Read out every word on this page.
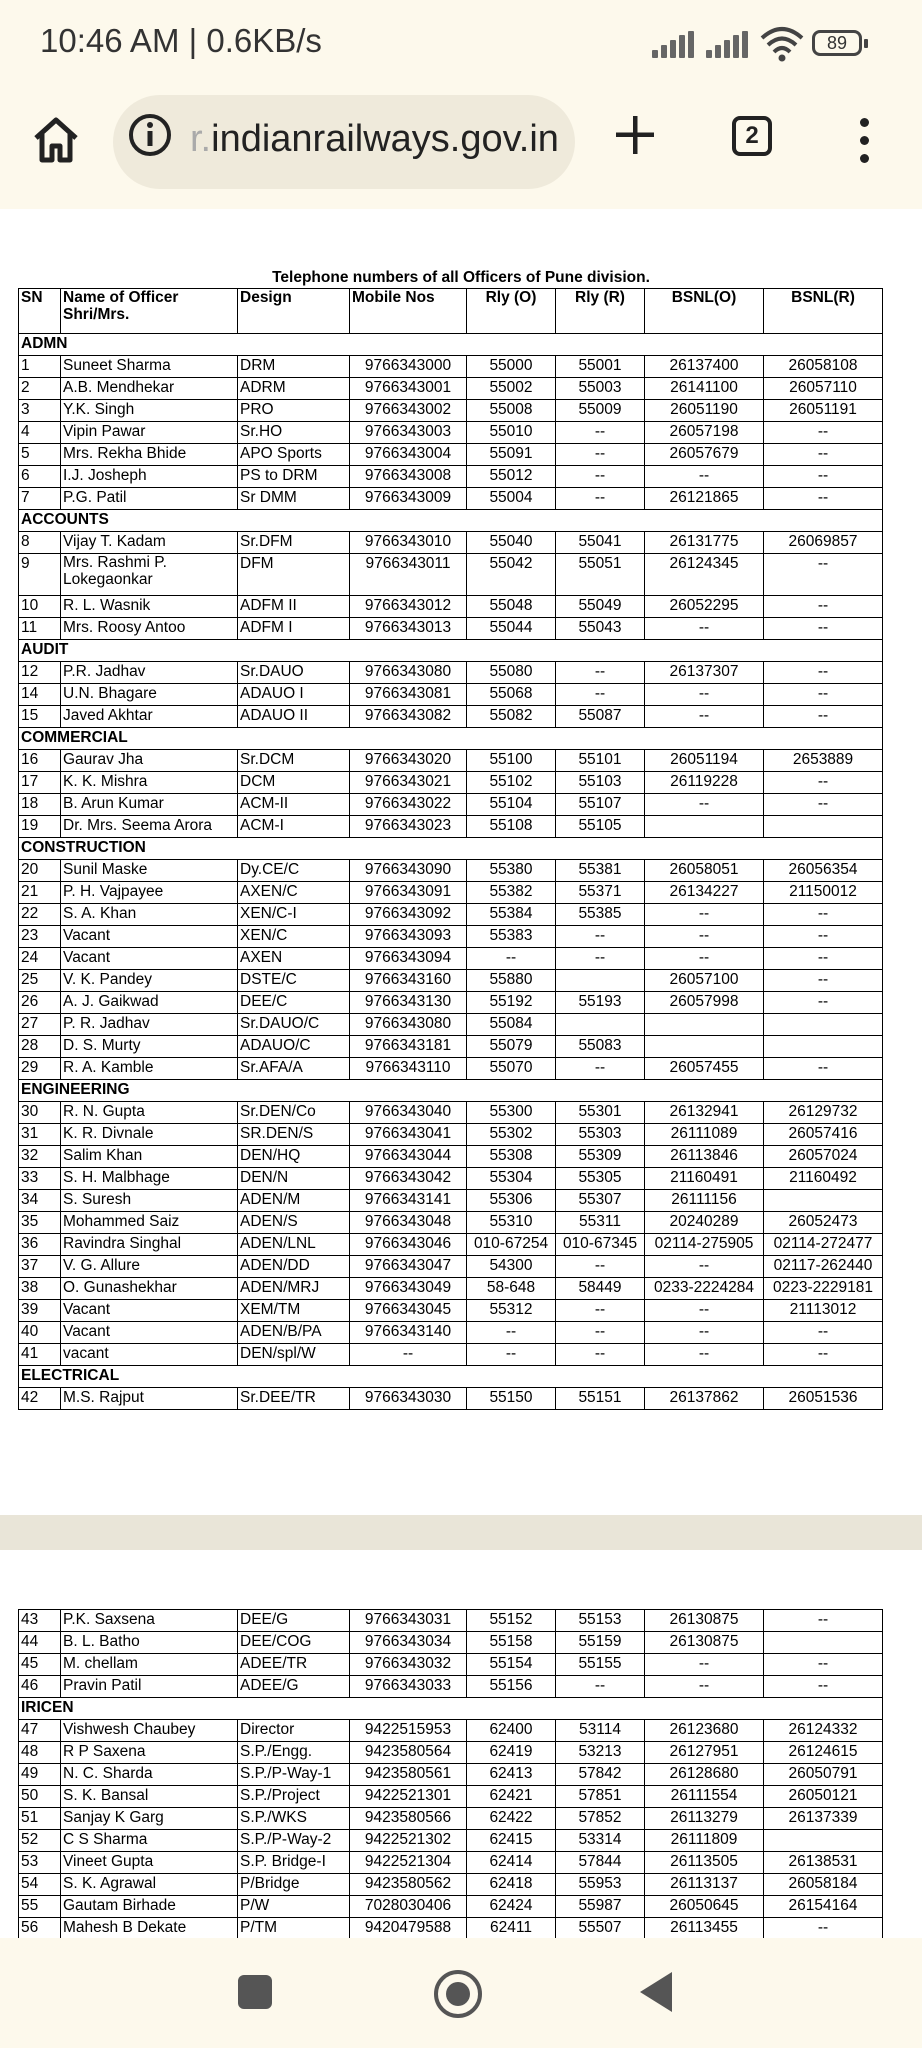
10:46 AM | 0.6KB/s	89
r.indianrailways.gov.in	2
Telephone numbers of all Officers of Pune division.
SN	Name of Officer Shri/Mrs.	Design	Mobile Nos	Rly (O)	Rly (R)	BSNL(O)	BSNL(R)
ADMN							
1	Suneet Sharma	DRM	9766343000	55000	55001	26137400	26058108
2	A.B. Mendhekar	ADRM	9766343001	55002	55003	26141100	26057110
3	Y.K. Singh	PRO	9766343002	55008	55009	26051190	26051191
4	Vipin Pawar	Sr.HO	9766343003	55010	--	26057198	--
5	Mrs. Rekha Bhide	APO Sports	9766343004	55091	--	26057679	--
6	I.J. Josheph	PS to DRM	9766343008	55012	--	--	--
7	P.G. Patil	Sr DMM	9766343009	55004	--	26121865	--
ACCOUNTS							
8	Vijay T. Kadam	Sr.DFM	9766343010	55040	55041	26131775	26069857
9	Mrs. Rashmi P. Lokegaonkar	DFM	9766343011	55042	55051	26124345	--
10	R. L. Wasnik	ADFM II	9766343012	55048	55049	26052295	--
11	Mrs. Roosy Antoo	ADFM I	9766343013	55044	55043	--	--
AUDIT							
12	P.R. Jadhav	Sr.DAUO	9766343080	55080	--	26137307	--
14	U.N. Bhagare	ADAUO I	9766343081	55068	--	--	--
15	Javed Akhtar	ADAUO II	9766343082	55082	55087	--	--
COMMERCIAL							
16	Gaurav Jha	Sr.DCM	9766343020	55100	55101	26051194	2653889
17	K. K. Mishra	DCM	9766343021	55102	55103	26119228	--
18	B. Arun Kumar	ACM-II	9766343022	55104	55107	--	--
19	Dr. Mrs. Seema Arora	ACM-I	9766343023	55108	55105		
CONSTRUCTION							
20	Sunil Maske	Dy.CE/C	9766343090	55380	55381	26058051	26056354
21	P. H. Vajpayee	AXEN/C	9766343091	55382	55371	26134227	21150012
22	S. A. Khan	XEN/C-I	9766343092	55384	55385	--	--
23	Vacant	XEN/C	9766343093	55383	--	--	--
24	Vacant	AXEN	9766343094	--	--	--	--
25	V. K. Pandey	DSTE/C	9766343160	55880		26057100	--
26	A. J. Gaikwad	DEE/C	9766343130	55192	55193	26057998	--
27	P. R. Jadhav	Sr.DAUO/C	9766343080	55084			
28	D. S. Murty	ADAUO/C	9766343181	55079	55083		
29	R. A. Kamble	Sr.AFA/A	9766343110	55070	--	26057455	--
ENGINEERING							
30	R. N. Gupta	Sr.DEN/Co	9766343040	55300	55301	26132941	26129732
31	K. R. Divnale	SR.DEN/S	9766343041	55302	55303	26111089	26057416
32	Salim Khan	DEN/HQ	9766343044	55308	55309	26113846	26057024
33	S. H. Malbhage	DEN/N	9766343042	55304	55305	21160491	21160492
34	S. Suresh	ADEN/M	9766343141	55306	55307	26111156	
35	Mohammed Saiz	ADEN/S	9766343048	55310	55311	20240289	26052473
36	Ravindra Singhal	ADEN/LNL	9766343046	010-67254	010-67345	02114-275905	02114-272477
37	V. G. Allure	ADEN/DD	9766343047	54300	--	--	02117-262440
38	O. Gunashekhar	ADEN/MRJ	9766343049	58-648	58449	0233-2224284	0223-2229181
39	Vacant	XEM/TM	9766343045	55312	--	--	21113012
40	Vacant	ADEN/B/PA	9766343140	--	--	--	--
41	vacant	DEN/spl/W	--	--	--	--	--
ELECTRICAL							
42	M.S. Rajput	Sr.DEE/TR	9766343030	55150	55151	26137862	26051536
43	P.K. Saxsena	DEE/G	9766343031	55152	55153	26130875	--
44	B. L. Batho	DEE/COG	9766343034	55158	55159	26130875	
45	M. chellam	ADEE/TR	9766343032	55154	55155	--	--
46	Pravin Patil	ADEE/G	9766343033	55156	--	--	--
IRICEN							
47	Vishwesh Chaubey	Director	9422515953	62400	53114	26123680	26124332
48	R P Saxena	S.P./Engg.	9423580564	62419	53213	26127951	26124615
49	N. C. Sharda	S.P./P-Way-1	9423580561	62413	57842	26128680	26050791
50	S. K. Bansal	S.P./Project	9422521301	62421	57851	26111554	26050121
51	Sanjay K Garg	S.P./WKS	9423580566	62422	57852	26113279	26137339
52	C S Sharma	S.P./P-Way-2	9422521302	62415	53314	26111809	
53	Vineet Gupta	S.P. Bridge-I	9422521304	62414	57844	26113505	26138531
54	S. K. Agrawal	P/Bridge	9423580562	62418	55953	26113137	26058184
55	Gautam Birhade	P/W	7028030406	62424	55987	26050645	26154164
56	Mahesh B Dekate	P/TM	9420479588	62411	55507	26113455	--
